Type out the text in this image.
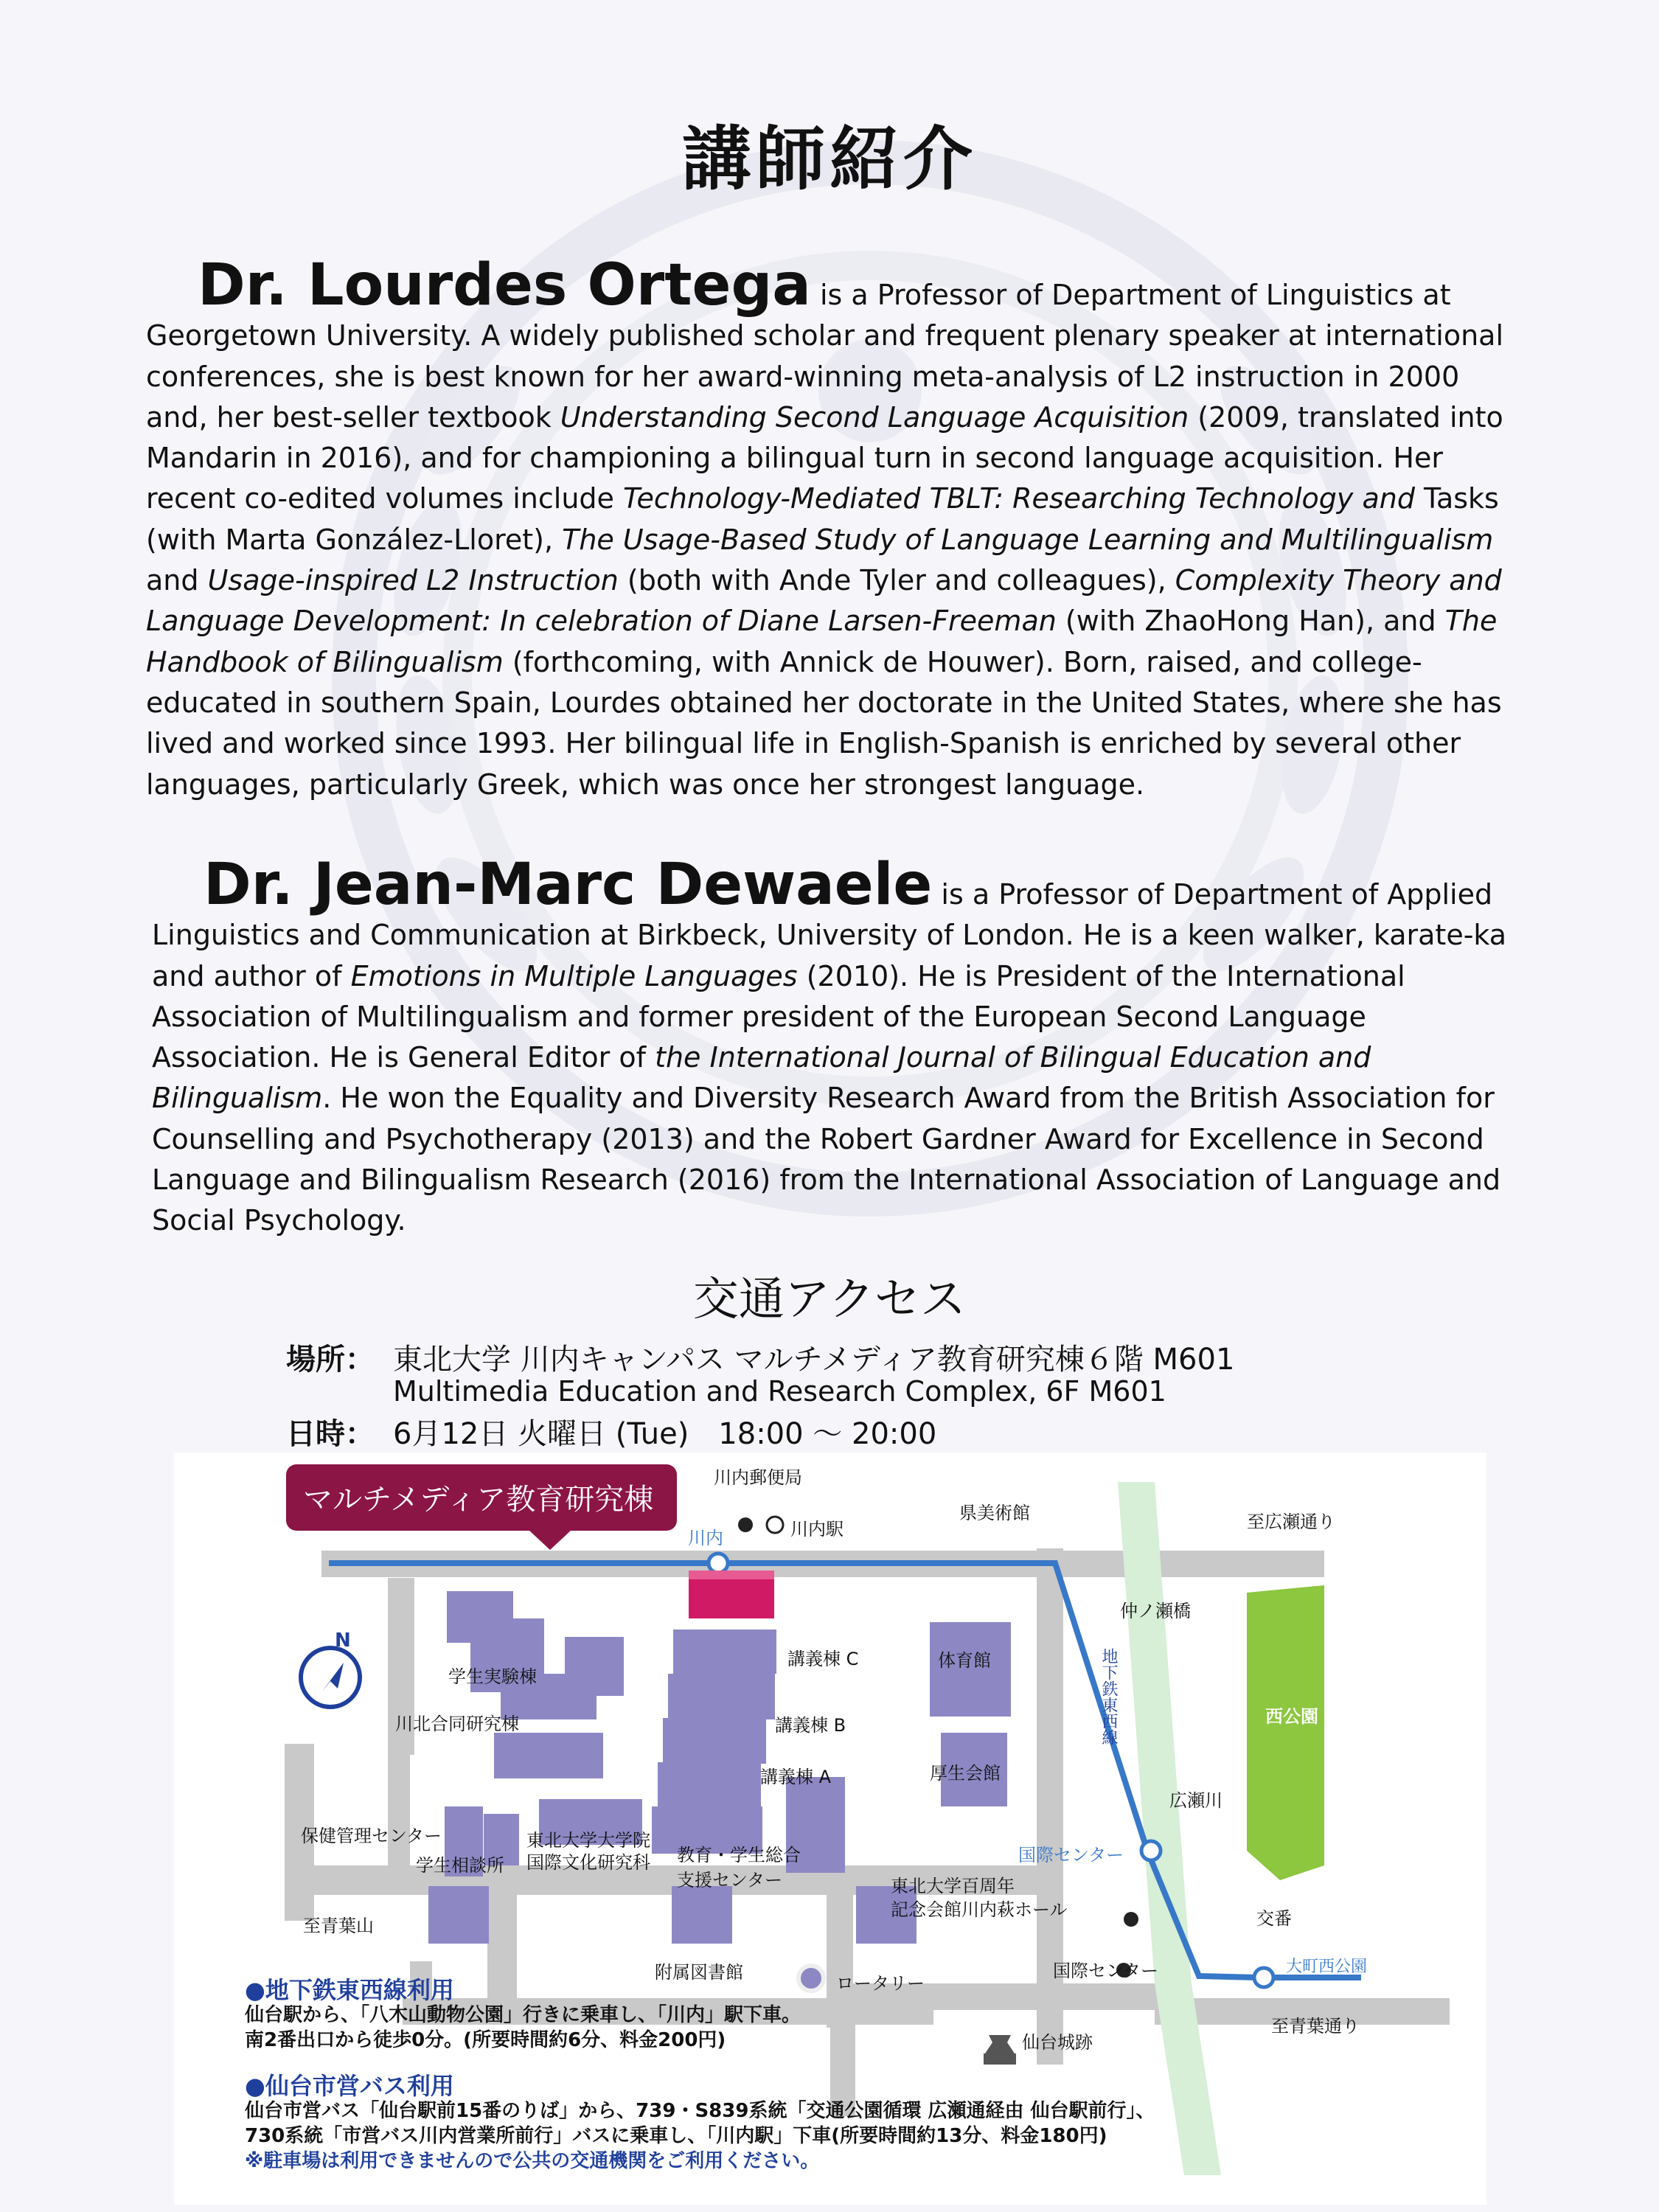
講師紹介
Dr. Lourdes Ortega is a Professor of Department of Linguistics at Georgetown University. A widely published scholar and frequent plenary speaker at international conferences, she is best known for her award-winning meta-analysis of L2 instruction in 2000 and, her best-seller textbook Understanding Second Language Acquisition (2009, translated into Mandarin in 2016), and for championing a bilingual turn in second language acquisition. Her recent co-edited volumes include Technology-Mediated TBLT: Researching Technology and Tasks (with Marta González-Lloret), The Usage-Based Study of Language Learning and Multilingualism and Usage-inspired L2 Instruction (both with Ande Tyler and colleagues), Complexity Theory and Language Development: In celebration of Diane Larsen-Freeman (with ZhaoHong Han), and The Handbook of Bilingualism (forthcoming, with Annick de Houwer). Born, raised, and college-educated in southern Spain, Lourdes obtained her doctorate in the United States, where she has lived and worked since 1993. Her bilingual life in English-Spanish is enriched by several other languages, particularly Greek, which was once her strongest language.
Dr. Jean-Marc Dewaele is a Professor of Department of Applied Linguistics and Communication at Birkbeck, University of London. He is a keen walker, karate-ka and author of Emotions in Multiple Languages (2010). He is President of the International Association of Multilingualism and former president of the European Second Language Association. He is General Editor of the International Journal of Bilingual Education and Bilingualism. He won the Equality and Diversity Research Award from the British Association for Counselling and Psychotherapy (2013) and the Robert Gardner Award for Excellence in Second Language and Bilingualism Research (2016) from the International Association of Language and Social Psychology.
交通アクセス
場所： 東北大学 川内キャンパス マルチメディア教育研究棟６階 M601
Multimedia Education and Research Complex, 6F M601
日時： 6月12日 火曜日 (Tue)　18:00 ～ 20:00
マルチメディア教育研究棟
N
川内郵便局
川内	川内駅
県美術館	至広瀬通り
仲ノ瀬橋
地下鉄東西線	西公園
広瀬川
学生実験棟
川北合同研究棟
講義棟 C
講義棟 B
講義棟 A
体育館
厚生会館
保健管理センター
学生相談所
東北大学大学院
国際文化研究科 教育・学生総合
支援センター	東北大学百周年
記念会館川内萩ホール
国際センター
至青葉山
附属図書館
ロータリー
国際センター
交番
大町西公園
至青葉通り
仙台城跡
●地下鉄東西線利用
仙台駅から、「八木山動物公園」行きに乗車し、「川内」駅下車。
南2番出口から徒歩0分。(所要時間約6分、料金200円)
●仙台市営バス利用
仙台市営バス「仙台駅前15番のりば」から、739・S839系統「交通公園循環 広瀬通経由 仙台駅前行」、
730系統「市営バス川内営業所前行」バスに乗車し、「川内駅」下車(所要時間約13分、料金180円)
※駐車場は利用できませんので公共の交通機関をご利用ください。
